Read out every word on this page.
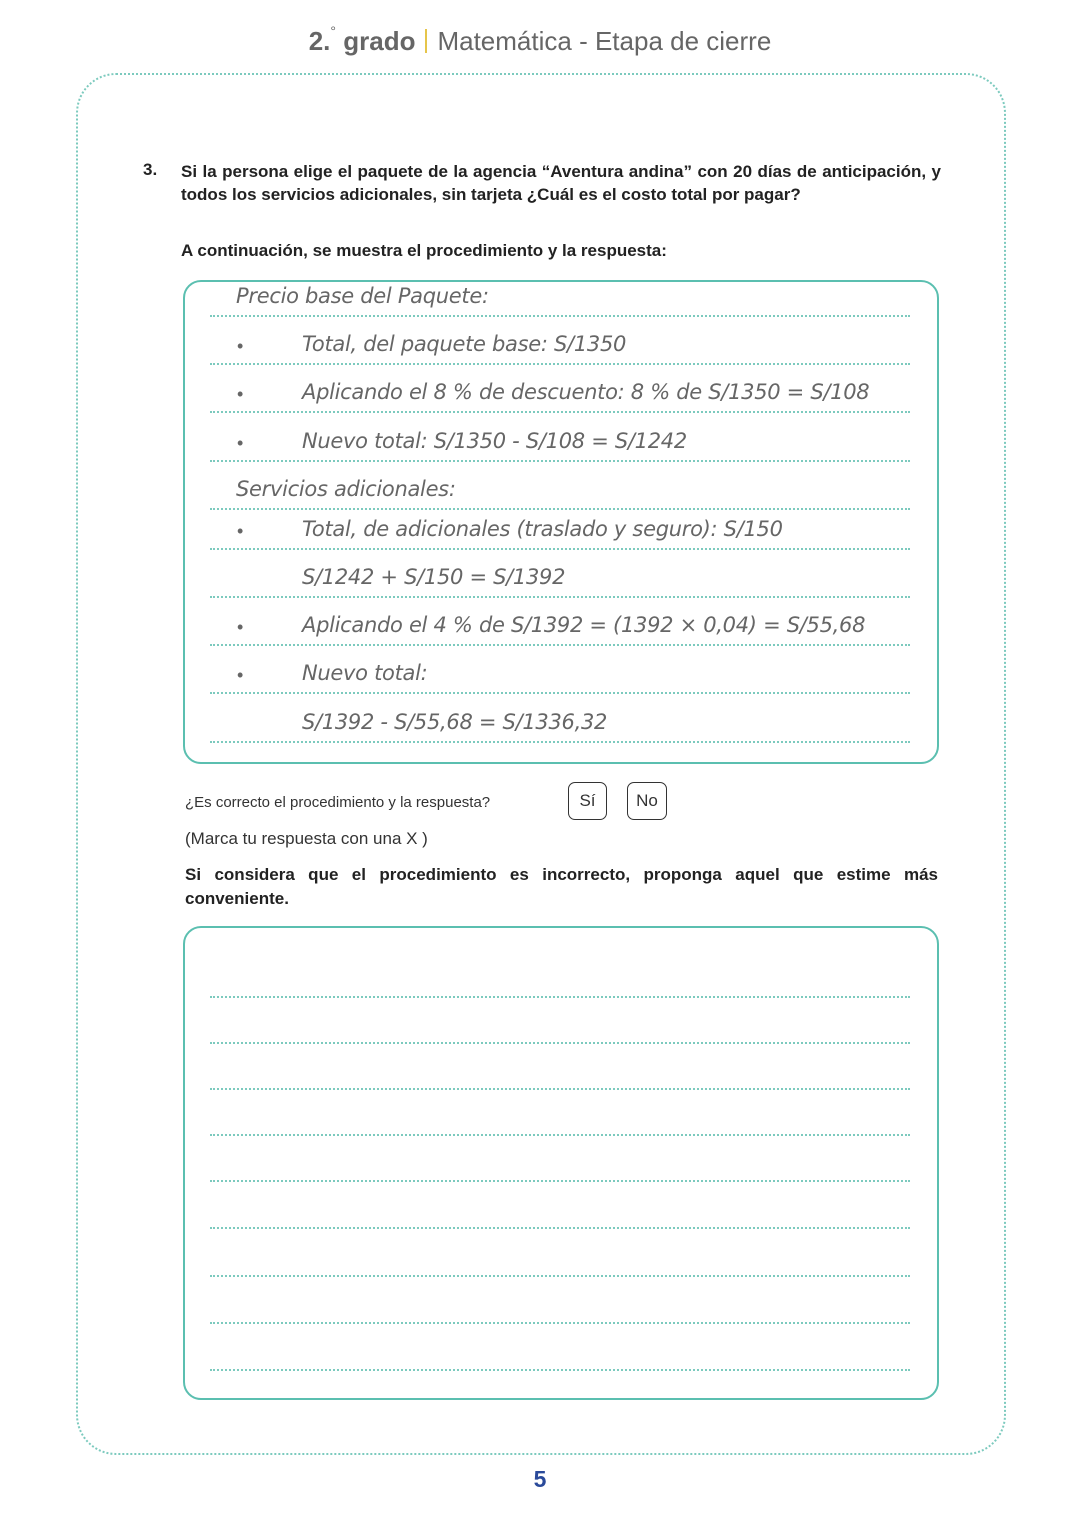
2.° grado Matemática - Etapa de cierre
3. Si la persona elige el paquete de la agencia “Aventura andina” con 20 días de anticipación, y todos los servicios adicionales, sin tarjeta ¿Cuál es el costo total por pagar?
A continuación, se muestra el procedimiento y la respuesta:
¿Es correcto el procedimiento y la respuesta?	Sí	No
(Marca tu respuesta con una X )
Si considera que el procedimiento es incorrecto, proponga aquel que estime más conveniente.
5
Precio base del Paquete:
•	Total, del paquete base: S/1350
•	Aplicando el 8 % de descuento: 8 % de S/1350 = S/108
•	Nuevo total: S/1350 - S/108 = S/1242
Servicios adicionales:
•	Total, de adicionales (traslado y seguro): S/150
S/1242 + S/150 = S/1392
•	Aplicando el 4 % de S/1392 = (1392 × 0,04) = S/55,68
•	Nuevo total:
S/1392 - S/55,68 = S/1336,32
